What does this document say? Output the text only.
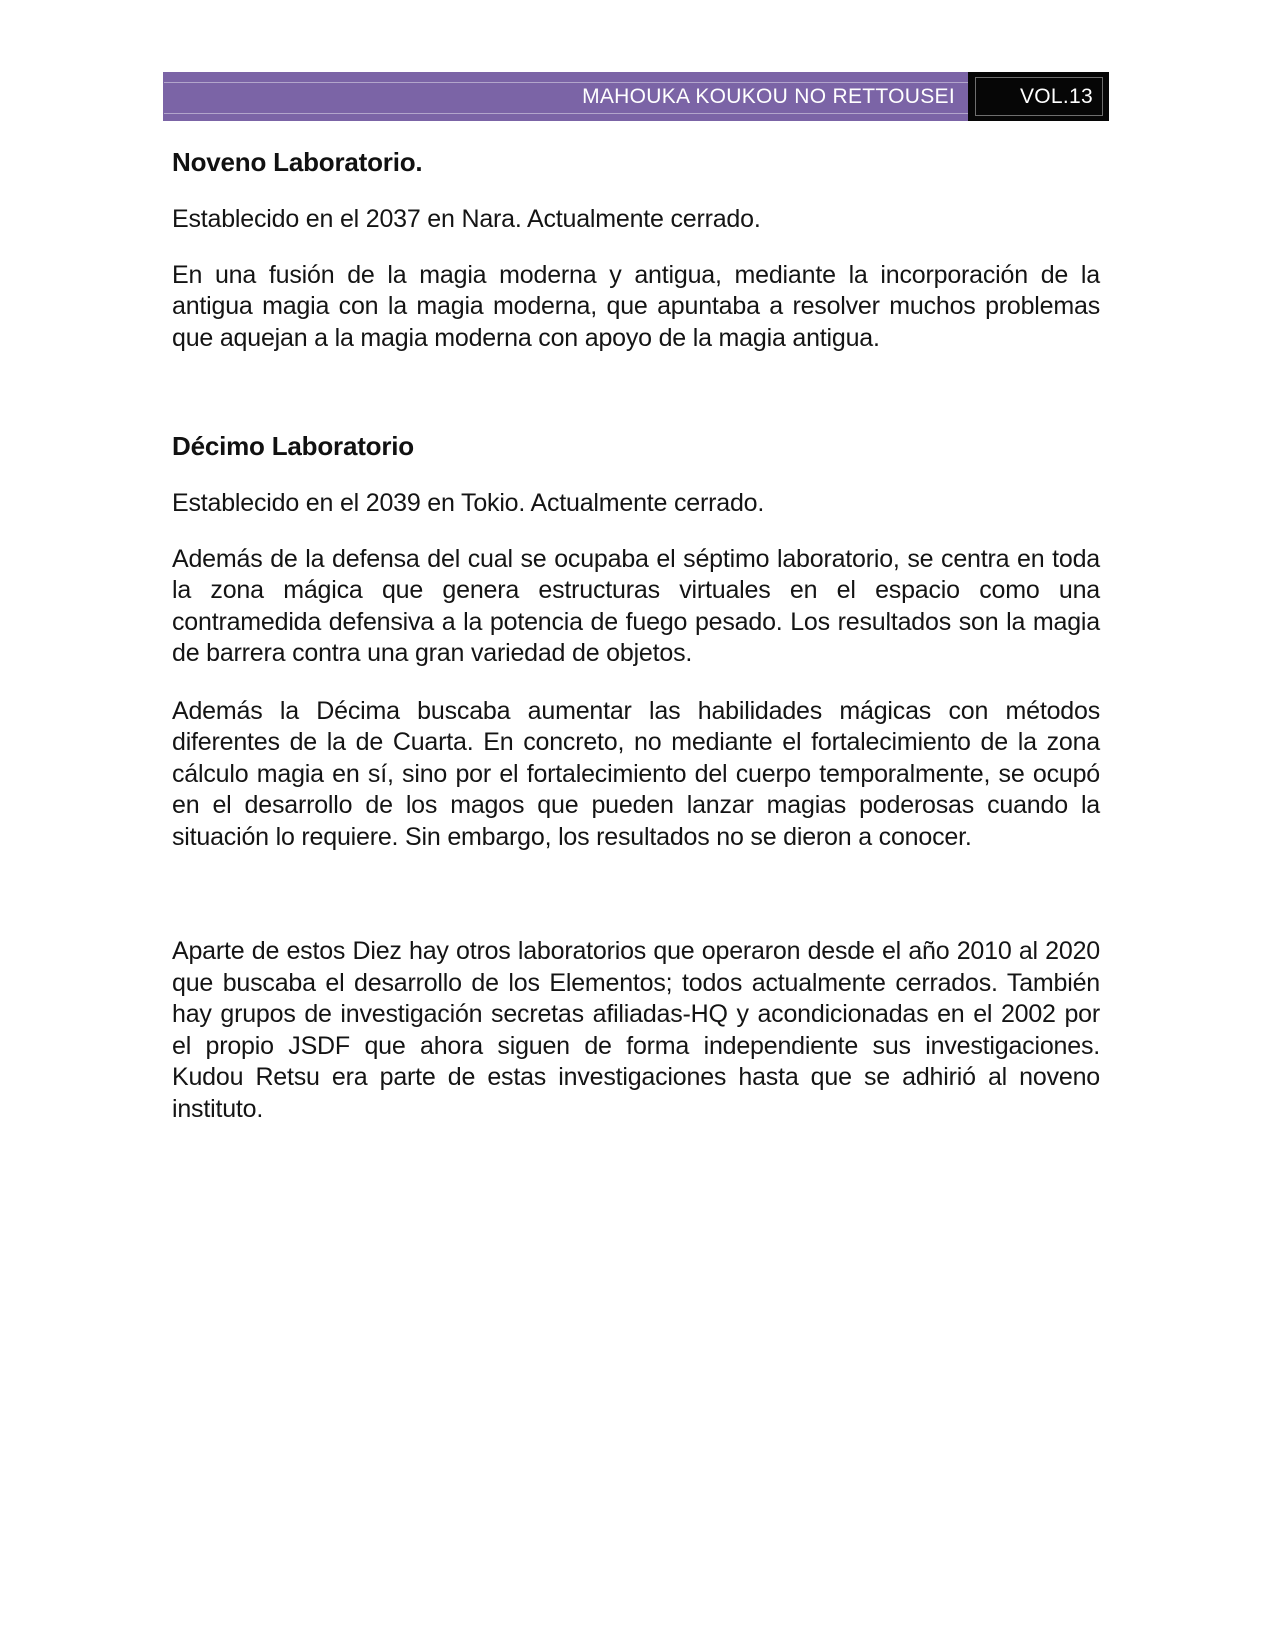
MAHOUKA KOUKOU NO RETTOUSEI	VOL.13
Noveno Laboratorio.

Establecido en el 2037 en Nara. Actualmente cerrado.

En una fusión de la magia moderna y antigua, mediante la incorporación de la antigua magia con la magia moderna, que apuntaba a resolver muchos problemas que aquejan a la magia moderna con apoyo de la magia antigua.

Décimo Laboratorio

Establecido en el 2039 en Tokio. Actualmente cerrado.

Además de la defensa del cual se ocupaba el séptimo laboratorio, se centra en toda la zona mágica que genera estructuras virtuales en el espacio como una contramedida defensiva a la potencia de fuego pesado. Los resultados son la magia de barrera contra una gran variedad de objetos.

Además la Décima buscaba aumentar las habilidades mágicas con métodos diferentes de la de Cuarta. En concreto, no mediante el fortalecimiento de la zona cálculo magia en sí, sino por el fortalecimiento del cuerpo temporalmente, se ocupó en el desarrollo de los magos que pueden lanzar magias poderosas cuando la situación lo requiere. Sin embargo, los resultados no se dieron a conocer.

Aparte de estos Diez hay otros laboratorios que operaron desde el año 2010 al 2020 que buscaba el desarrollo de los Elementos; todos actualmente cerrados. También hay grupos de investigación secretas afiliadas-HQ y acondicionadas en el 2002 por el propio JSDF que ahora siguen de forma independiente sus investigaciones. Kudou Retsu era parte de estas investigaciones hasta que se adhirió al noveno instituto.
